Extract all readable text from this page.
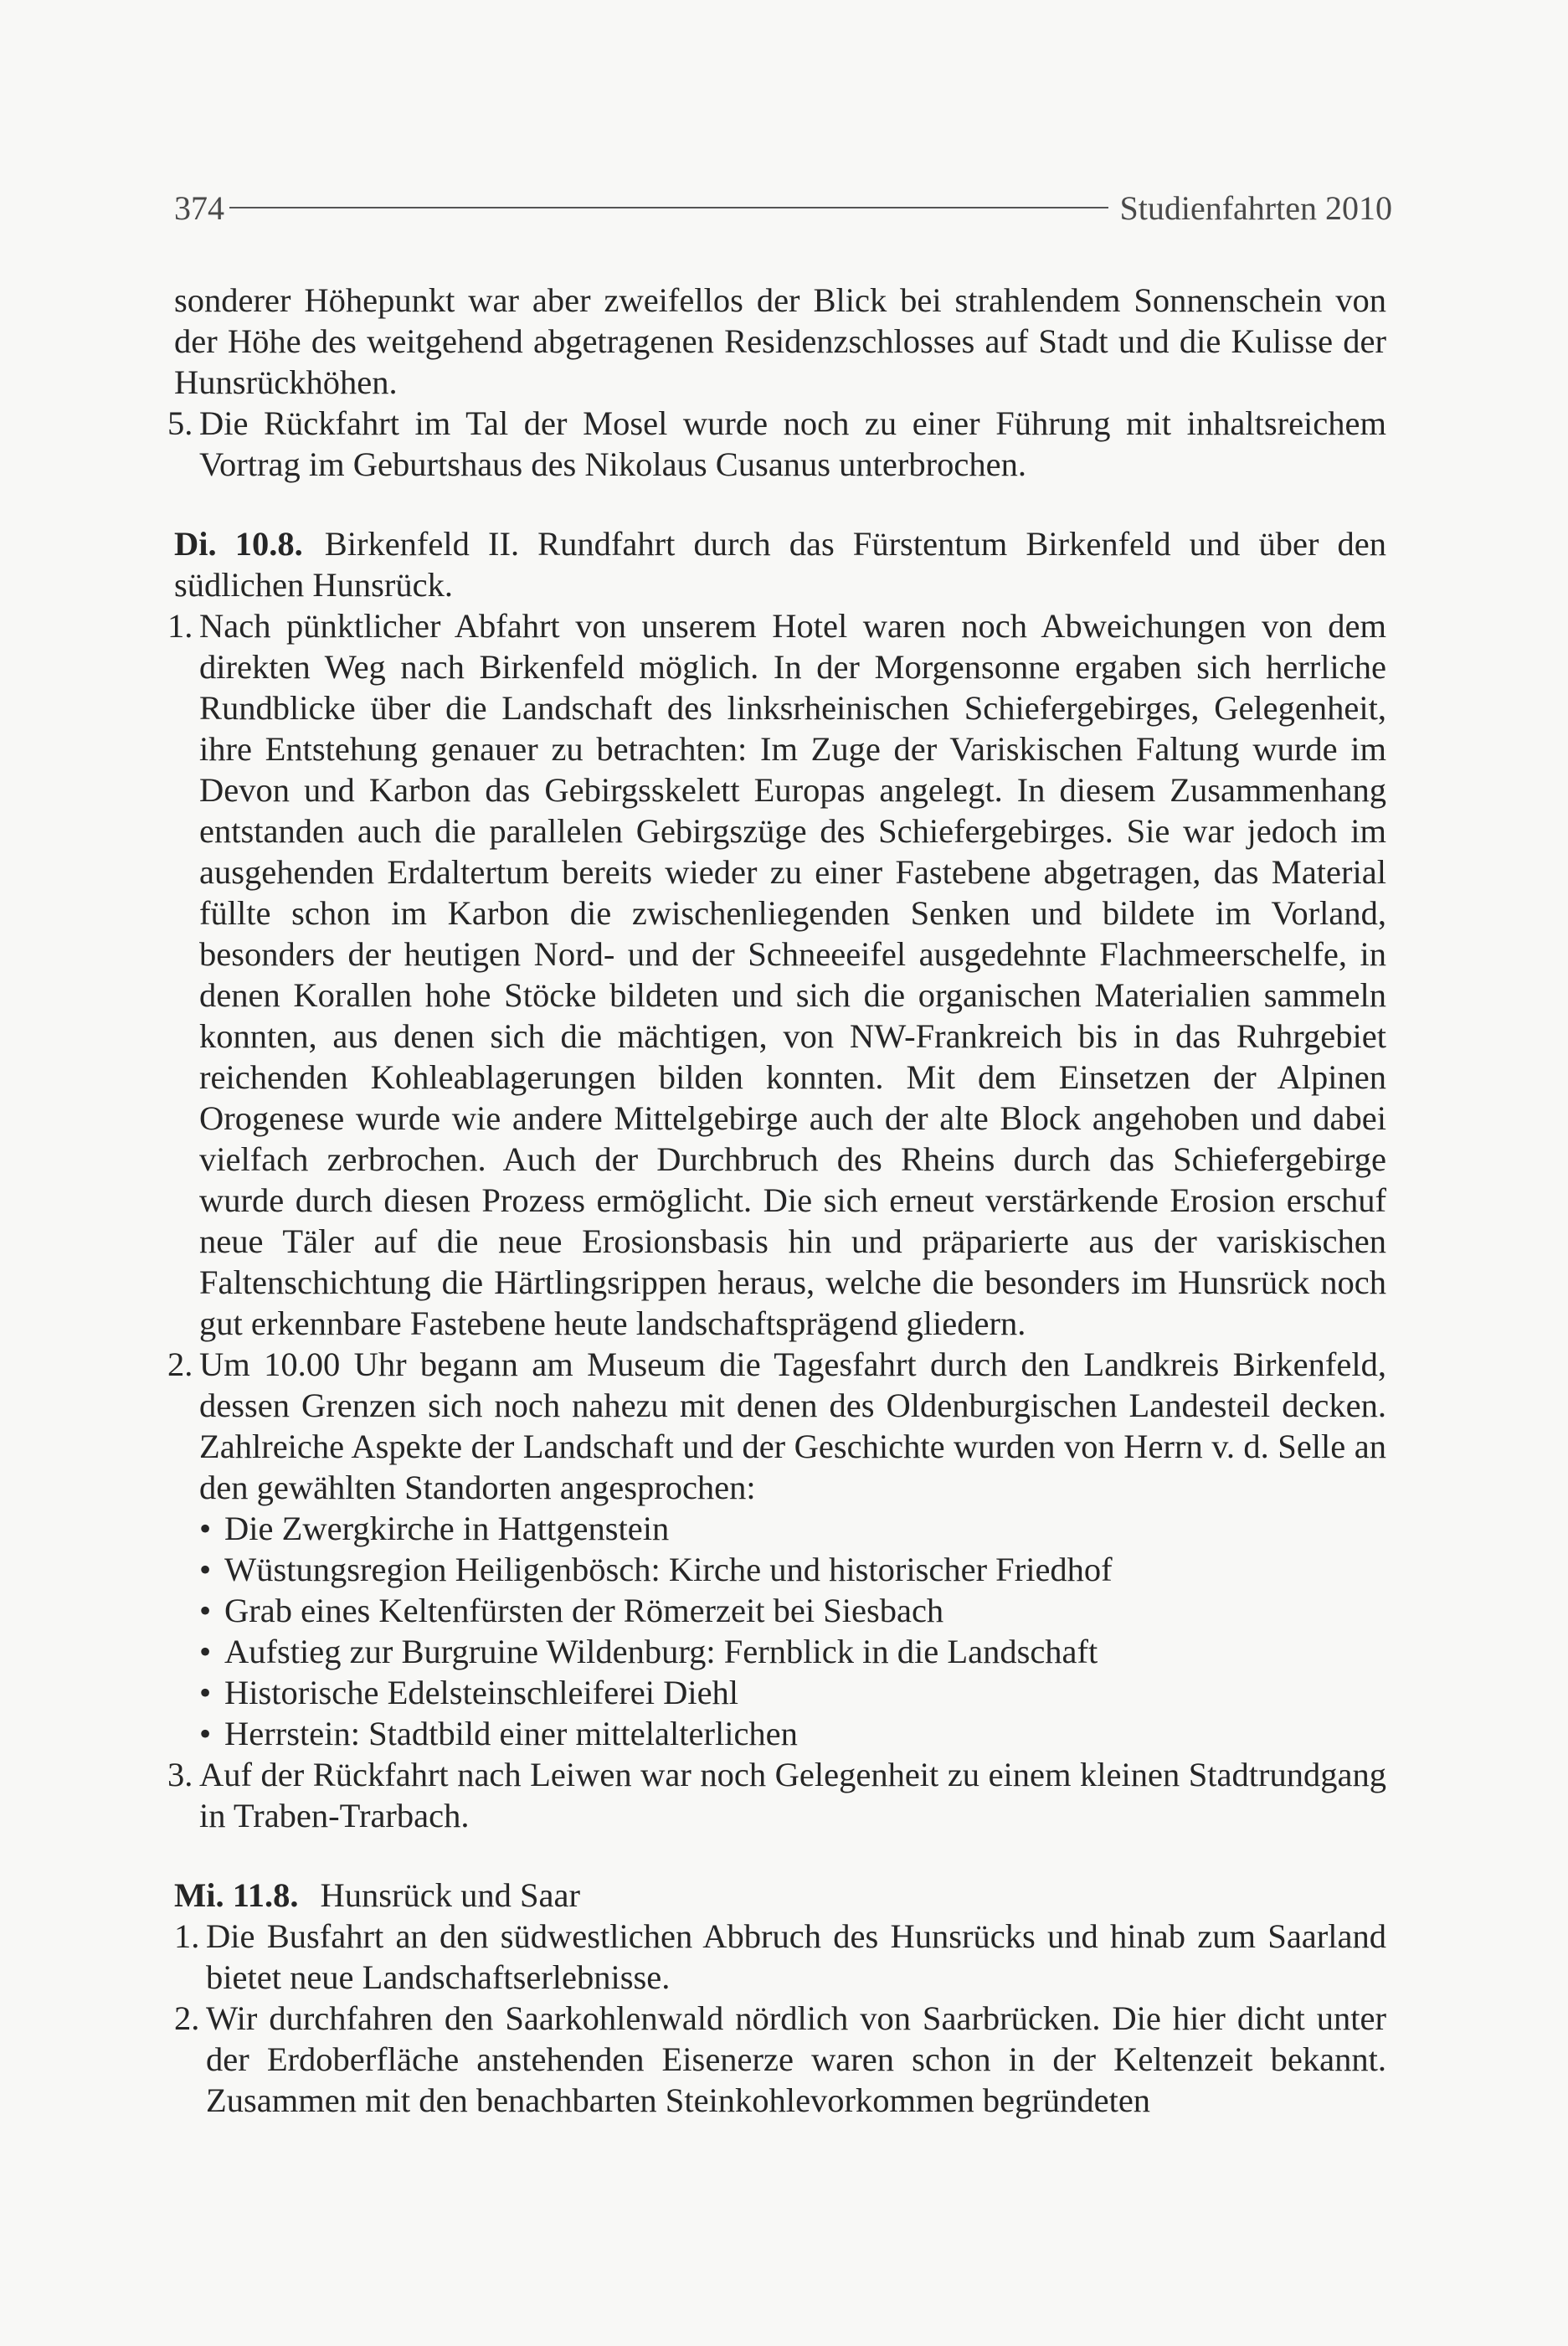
374	Studienfahrten 2010

sonderer Höhepunkt war aber zweifellos der Blick bei strahlendem Sonnenschein von der Höhe des weitgehend abgetragenen Residenzschlosses auf Stadt und die Kulisse der Hunsrückhöhen.

5. Die Rückfahrt im Tal der Mosel wurde noch zu einer Führung mit inhaltsreichem Vortrag im Geburtshaus des Nikolaus Cusanus unterbrochen.
Di. 10.8. Birkenfeld II. Rundfahrt durch das Fürstentum Birkenfeld und über den südlichen Hunsrück.
1. Nach pünktlicher Abfahrt von unserem Hotel waren noch Abweichungen von dem direkten Weg nach Birkenfeld möglich. In der Morgensonne ergaben sich herrliche Rundblicke über die Landschaft des linksrheinischen Schiefergebirges, Gelegenheit, ihre Entstehung genauer zu betrachten: Im Zuge der Variskischen Faltung wurde im Devon und Karbon das Gebirgsskelett Europas angelegt. In diesem Zusammenhang entstanden auch die parallelen Gebirgszüge des Schiefergebirges. Sie war jedoch im ausgehenden Erdaltertum bereits wieder zu einer Fastebene abgetragen, das Material füllte schon im Karbon die zwischenliegenden Senken und bildete im Vorland, besonders der heutigen Nord- und der Schneeeifel ausgedehnte Flachmeerschelfe, in denen Korallen hohe Stöcke bildeten und sich die organischen Materialien sammeln konnten, aus denen sich die mächtigen, von NW-Frankreich bis in das Ruhrgebiet reichenden Kohleablagerungen bilden konnten. Mit dem Einsetzen der Alpinen Orogenese wurde wie andere Mittelgebirge auch der alte Block angehoben und dabei vielfach zerbrochen. Auch der Durchbruch des Rheins durch das Schiefergebirge wurde durch diesen Prozess ermöglicht. Die sich erneut verstärkende Erosion erschuf neue Täler auf die neue Erosionsbasis hin und präparierte aus der variskischen Faltenschichtung die Härtlingsrippen heraus, welche die besonders im Hunsrück noch gut erkennbare Fastebene heute landschaftsprägend gliedern.
2. Um 10.00 Uhr begann am Museum die Tagesfahrt durch den Landkreis Birkenfeld, dessen Grenzen sich noch nahezu mit denen des Oldenburgischen Landesteil decken. Zahlreiche Aspekte der Landschaft und der Geschichte wurden von Herrn v. d. Selle an den gewählten Standorten angesprochen:
• Die Zwergkirche in Hattgenstein
• Wüstungsregion Heiligenbösch: Kirche und historischer Friedhof
• Grab eines Keltenfürsten der Römerzeit bei Siesbach
• Aufstieg zur Burgruine Wildenburg: Fernblick in die Landschaft
• Historische Edelsteinschleiferei Diehl
• Herrstein: Stadtbild einer mittelalterlichen
3. Auf der Rückfahrt nach Leiwen war noch Gelegenheit zu einem kleinen Stadtrundgang in Traben-Trarbach.
Mi. 11.8. Hunsrück und Saar
1. Die Busfahrt an den südwestlichen Abbruch des Hunsrücks und hinab zum Saarland bietet neue Landschaftserlebnisse.
2. Wir durchfahren den Saarkohlenwald nördlich von Saarbrücken. Die hier dicht unter der Erdoberfläche anstehenden Eisenerze waren schon in der Keltenzeit bekannt. Zusammen mit den benachbarten Steinkohlevorkommen begründeten
